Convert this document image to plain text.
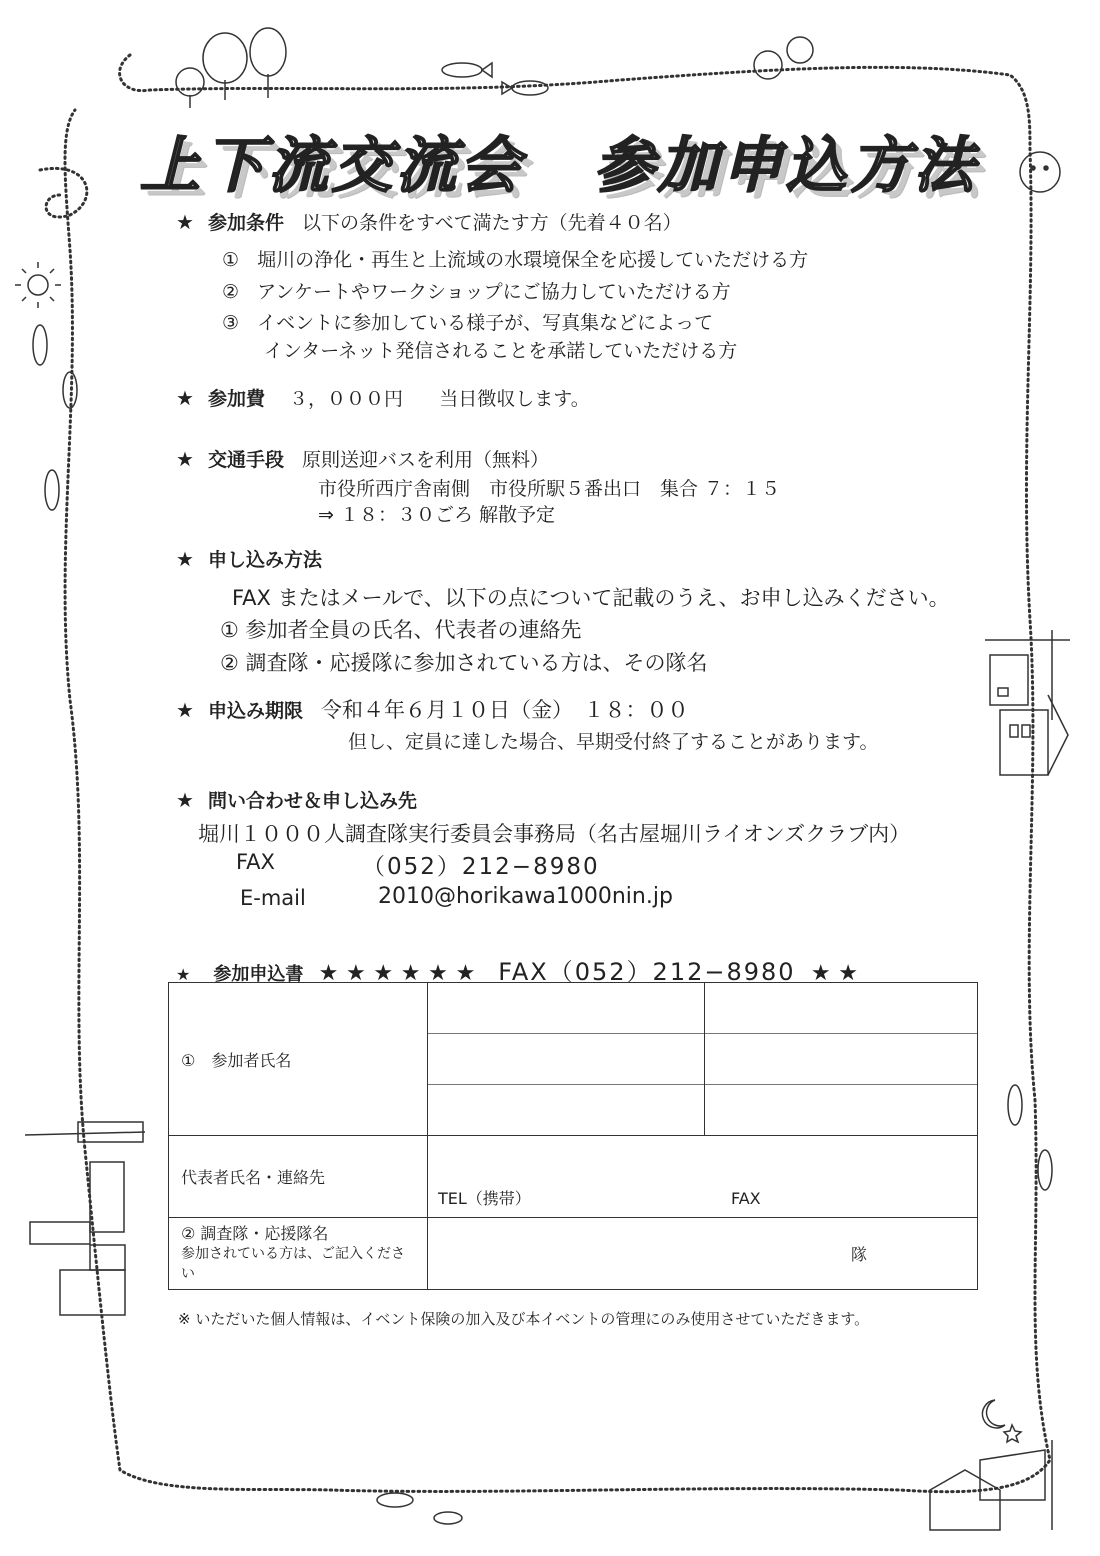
上下流交流会 参加申込方法
★ 参加条件 以下の条件をすべて満たす方（先着４０名）
① 堀川の浄化・再生と上流域の水環境保全を応援していただける方
② アンケートやワークショップにご協力していただける方
③ イベントに参加している様子が、写真集などによって
インターネット発信されることを承諾していただける方
★ 参加費 ３，０００円 当日徴収します。
★ 交通手段 原則送迎バスを利用（無料）
市役所西庁舎南側　市役所駅５番出口　集合 ７：１５
⇒ １８：３０ごろ 解散予定
★ 申し込み方法
FAX またはメールで、以下の点について記載のうえ、お申し込みください。
① 参加者全員の氏名、代表者の連絡先
② 調査隊・応援隊に参加されている方は、その隊名
★ 申込み期限 令和４年６月１０日（金）　１８：００
但し、定員に達した場合、早期受付終了することがあります。
★ 問い合わせ＆申し込み先
堀川１０００人調査隊実行委員会事務局（名古屋堀川ライオンズクラブ内）
FAX	（052）212−8980
E-mail	2010@horikawa1000nin.jp
★ 参加申込書 ★ ★ ★ ★ ★ ★ FAX（052）212−8980 ★ ★
①　参加者氏名	

代表者氏名・連絡先	TEL（携帯） FAX	

② 調査隊・応援隊名
参加されている方は、ご記入ください	隊	
※ いただいた個人情報は、イベント保険の加入及び本イベントの管理にのみ使用させていただきます。
